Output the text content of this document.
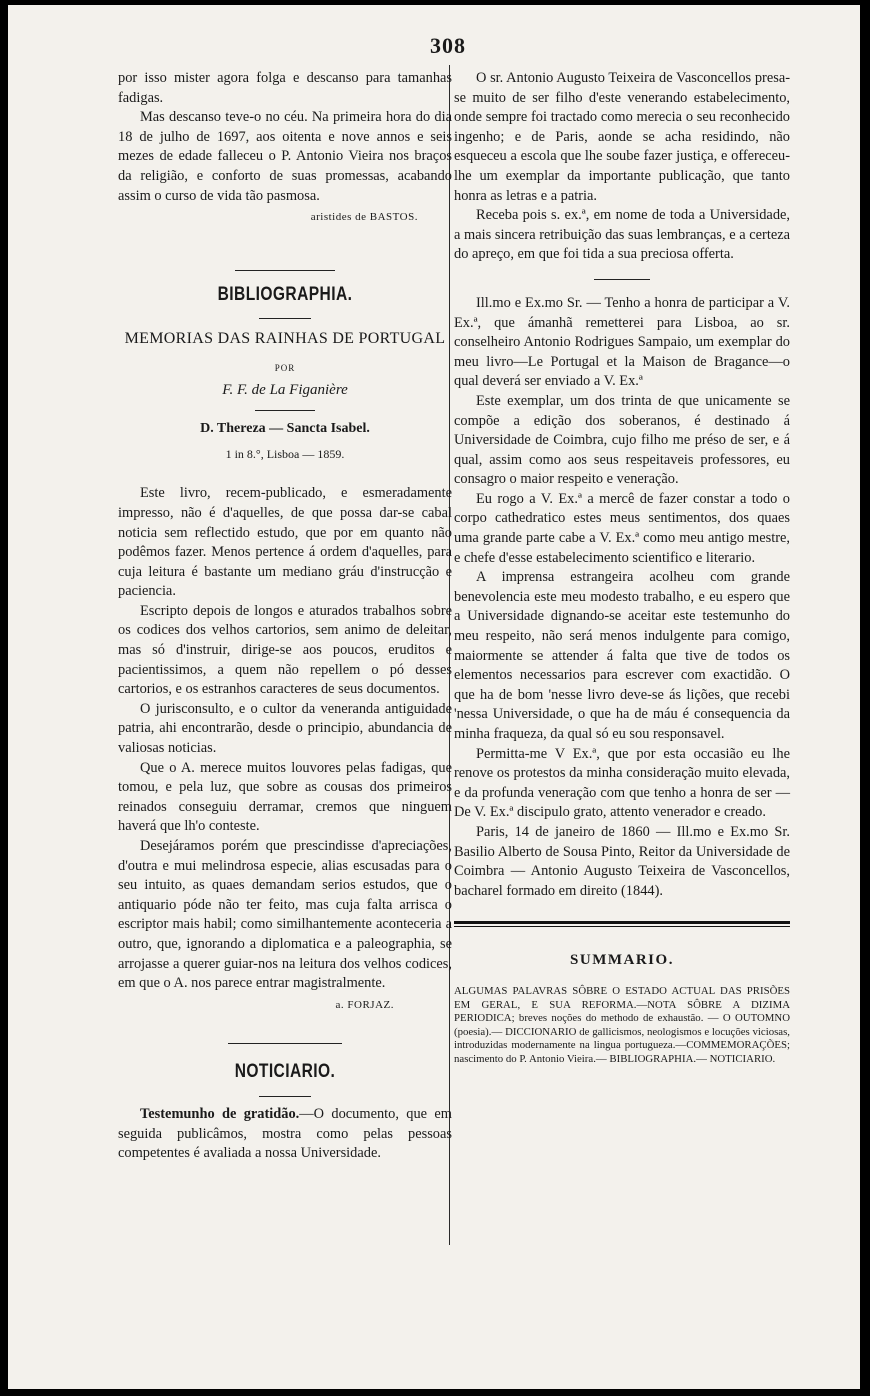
308

por isso mister agora folga e descanso para tamanhas fadigas.

Mas descanso teve-o no céu. Na primeira hora do dia 18 de julho de 1697, aos oitenta e nove annos e seis mezes de edade falleceu o P. Antonio Vieira nos braços da religião, e conforto de suas promessas, acabando assim o curso de vida tão pasmosa.

aristides de BASTOS.

BIBLIOGRAPHIA.
MEMORIAS DAS RAINHAS DE PORTUGAL
POR
F. F. de La Figanière
D. Thereza — Sancta Isabel.
1 in 8.°, Lisboa — 1859.

Este livro, recem-publicado, e esmeradamente impresso, não é d'aquelles, de que possa dar-se cabal noticia sem reflectido estudo, que por em quanto não podêmos fazer. Menos pertence á ordem d'aquelles, para cuja leitura é bastante um mediano gráu d'instrucção e paciencia.

Escripto depois de longos e aturados trabalhos sobre os codices dos velhos cartorios, sem animo de deleitar, mas só d'instruir, dirige-se aos poucos, eruditos e pacientissimos, a quem não repellem o pó desses cartorios, e os estranhos caracteres de seus documentos.

O jurisconsulto, e o cultor da veneranda antiguidade patria, ahi encontrarão, desde o principio, abundancia de valiosas noticias.

Que o A. merece muitos louvores pelas fadigas, que tomou, e pela luz, que sobre as cousas dos primeiros reinados conseguiu derramar, cremos que ninguem haverá que lh'o conteste.

Desejáramos porém que prescindisse d'apreciações, d'outra e mui melindrosa especie, alias escusadas para o seu intuito, as quaes demandam serios estudos, que o antiquario póde não ter feito, mas cuja falta arrisca o escriptor mais habil; como similhantemente aconteceria a outro, que, ignorando a diplomatica e a paleographia, se arrojasse a querer guiar-nos na leitura dos velhos codices, em que o A. nos parece entrar magistralmente.

a. FORJAZ.

NOTICIARIO.

Testemunho de gratidão.—O documento, que em seguida publicâmos, mostra como pelas pessoas competentes é avaliada a nossa Universidade.

O sr. Antonio Augusto Teixeira de Vasconcellos presa-se muito de ser filho d'este venerando estabelecimento, onde sempre foi tractado como merecia o seu reconhecido ingenho; e de Paris, aonde se acha residindo, não esqueceu a escola que lhe soube fazer justiça, e offereceu-lhe um exemplar da importante publicação, que tanto honra as letras e a patria.

Receba pois s. ex.ª, em nome de toda a Universidade, a mais sincera retribuição das suas lembranças, e a certeza do apreço, em que foi tida a sua preciosa offerta.

Ill.mo e Ex.mo Sr. — Tenho a honra de participar a V. Ex.ª, que ámanhã remetterei para Lisboa, ao sr. conselheiro Antonio Rodrigues Sampaio, um exemplar do meu livro—Le Portugal et la Maison de Bragance—o qual deverá ser enviado a V. Ex.ª

Este exemplar, um dos trinta de que unicamente se compõe a edição dos soberanos, é destinado á Universidade de Coimbra, cujo filho me préso de ser, e á qual, assim como aos seus respeitaveis professores, eu consagro o maior respeito e veneração.

Eu rogo a V. Ex.ª a mercê de fazer constar a todo o corpo cathedratico estes meus sentimentos, dos quaes uma grande parte cabe a V. Ex.ª como meu antigo mestre, e chefe d'esse estabelecimento scientifico e literario.

A imprensa estrangeira acolheu com grande benevolencia este meu modesto trabalho, e eu espero que a Universidade dignando-se aceitar este testemunho do meu respeito, não será menos indulgente para comigo, maiormente se attender á falta que tive de todos os elementos necessarios para escrever com exactidão. O que ha de bom 'nesse livro deve-se ás lições, que recebi 'nessa Universidade, o que ha de máu é consequencia da minha fraqueza, da qual só eu sou responsavel.

Permitta-me V Ex.ª, que por esta occasião eu lhe renove os protestos da minha consideração muito elevada, e da profunda veneração com que tenho a honra de ser — De V. Ex.ª discipulo grato, attento venerador e creado.

Paris, 14 de janeiro de 1860 — Ill.mo e Ex.mo Sr. Basilio Alberto de Sousa Pinto, Reitor da Universidade de Coimbra — Antonio Augusto Teixeira de Vasconcellos, bacharel formado em direito (1844).

SUMMARIO.

ALGUMAS PALAVRAS SÔBRE O ESTADO ACTUAL DAS PRISÕES EM GERAL, E SUA REFORMA.—NOTA SÔBRE A DIZIMA PERIODICA; breves noções do methodo de exhaustão. — O OUTOMNO (poesia).— DICCIONARIO de gallicismos, neologismos e locuções viciosas, introduzidas modernamente na lingua portugueza.—COMMEMORAÇÕES; nascimento do P. Antonio Vieira.— BIBLIOGRAPHIA.— NOTICIARIO.
